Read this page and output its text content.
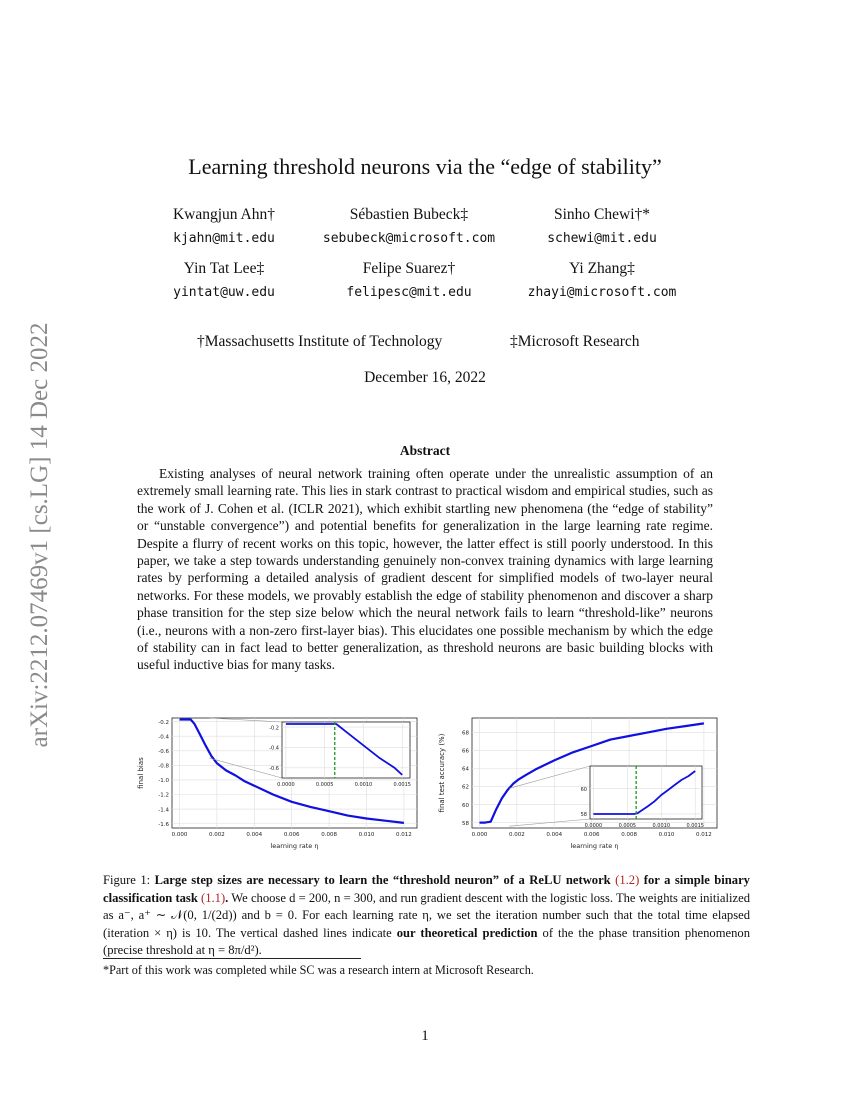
arXiv:2212.07469v1 [cs.LG] 14 Dec 2022
Learning threshold neurons via the “edge of stability”
Kwangjun Ahn†
kjahn@mit.edu
Sébastien Bubeck‡
sebubeck@microsoft.com
Sinho Chewi†*
schewi@mit.edu
Yin Tat Lee‡
yintat@uw.edu
Felipe Suarez†
felipesc@mit.edu
Yi Zhang‡
zhayi@microsoft.com
†Massachusetts Institute of Technology	‡Microsoft Research
December 16, 2022
Abstract
Existing analyses of neural network training often operate under the unrealistic assumption of an extremely small learning rate. This lies in stark contrast to practical wisdom and empirical studies, such as the work of J. Cohen et al. (ICLR 2021), which exhibit startling new phenomena (the “edge of stability” or “unstable convergence”) and potential benefits for generalization in the large learning rate regime. Despite a flurry of recent works on this topic, however, the latter effect is still poorly understood. In this paper, we take a step towards understanding genuinely non-convex training dynamics with large learning rates by performing a detailed analysis of gradient descent for simplified models of two-layer neural networks. For these models, we provably establish the edge of stability phenomenon and discover a sharp phase transition for the step size below which the neural network fails to learn “threshold-like” neurons (i.e., neurons with a non-zero first-layer bias). This elucidates one possible mechanism by which the edge of stability can in fact lead to better generalization, as threshold neurons are basic building blocks with useful inductive bias for many tasks.
0.000	0.002	0.004	0.006	0.008	0.010	0.012
-0.2
-0.4
-0.6
-0.8
-1.0
-1.2
-1.4
-1.6
learning rate η
final bias	0.0000	0.0005	0.0010	0.0015
-0.2
-0.4
-0.6
0.000	0.002	0.004	0.006	0.008	0.010	0.012
58
60
62
64
66
68
learning rate η
final test accuracy (%)
0.0000	0.0005	0.0010	0.0015
58
60
Figure 1: Large step sizes are necessary to learn the “threshold neuron” of a ReLU network (1.2) for a simple binary classification task (1.1). We choose d = 200, n = 300, and run gradient descent with the logistic loss. The weights are initialized as a⁻, a⁺ ∼ 𝒩(0, 1/(2d)) and b = 0. For each learning rate η, we set the iteration number such that the total time elapsed (iteration × η) is 10. The vertical dashed lines indicate our theoretical prediction of the the phase transition phenomenon (precise threshold at η = 8π/d²).
*Part of this work was completed while SC was a research intern at Microsoft Research.
1
